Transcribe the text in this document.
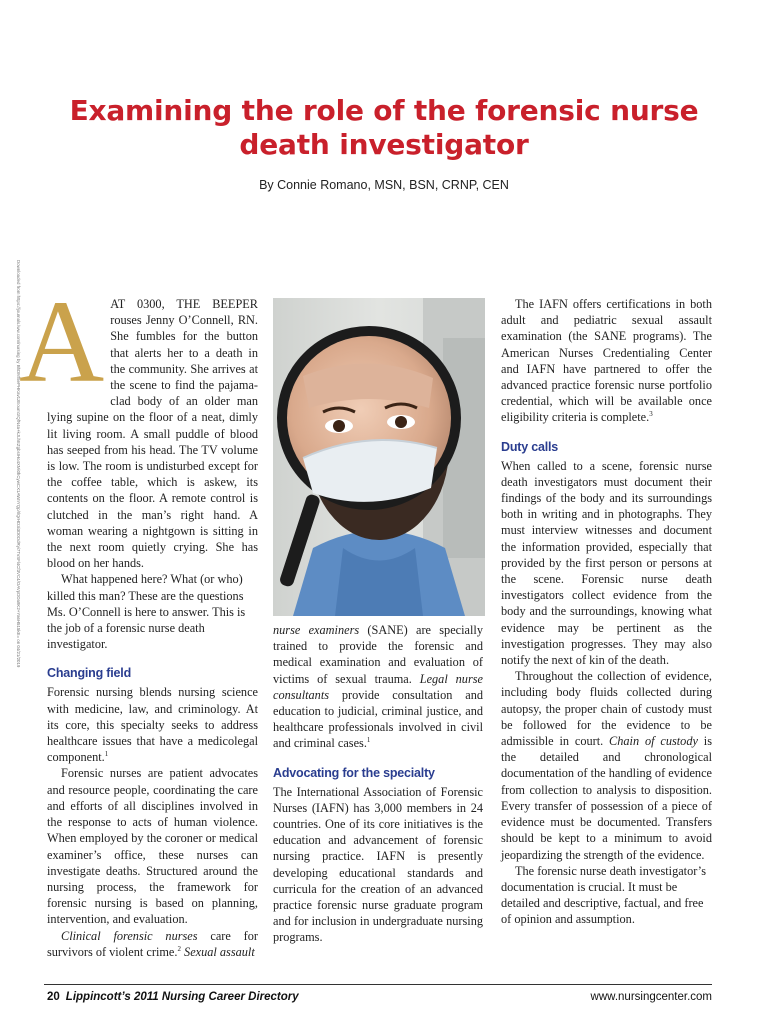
Examining the role of the forensic nurse death investigator
By Connie Romano, MSN, BSN, CRNP, CEN
Downloaded from https://journals.lww.com/nursing by BhDMf5ePHKav1zEoum1tQfN4a+kJLhEZgbsIHo4XMi0hCywCX1AWnYQp/IlQrHD3i3D0OdRyi7TvSFl4Cf3VC4/OAVpDDa8K2+Ya6H515kE= on 04/21/2019
A AT 0300, THE BEEPER rouses Jenny O’Connell, RN. She fumbles for the button that alerts her to a death in the community. She arrives at the scene to find the pajama-clad body of an older man lying supine on the floor of a neat, dimly lit living room. A small puddle of blood has seeped from his head. The TV volume is low. The room is undisturbed except for the coffee table, which is askew, its contents on the floor. A remote control is clutched in the man’s right hand. A woman wearing a nightgown is sitting in the next room quietly crying. She has blood on her hands.

What happened here? What (or who) killed this man? These are the questions Ms. O’Connell is here to answer. This is the job of a forensic nurse death investigator.

Changing field

Forensic nursing blends nursing science with medicine, law, and criminology. At its core, this specialty seeks to address healthcare issues that have a medicolegal component.$^1$

Forensic nurses are patient advocates and resource people, coordinating the care and efforts of all disciplines involved in the response to acts of human violence. When employed by the coroner or medical examiner’s office, these nurses can investigate deaths. Structured around the nursing process, the framework for forensic nursing is based on planning, intervention, and evaluation.

Clinical forensic nurses care for survivors of violent crime.$^2$ Sexual assault

nurse examiners (SANE) are specially trained to provide the forensic and medical examination and evaluation of victims of sexual trauma. Legal nurse consultants provide consultation and education to judicial, criminal justice, and healthcare professionals involved in civil and criminal cases.$^1$

Advocating for the specialty

The International Association of Forensic Nurses (IAFN) has 3,000 members in 24 countries. One of its core initiatives is the education and advancement of forensic nursing practice. IAFN is presently developing educational standards and curricula for the creation of an advanced practice forensic nurse graduate program and for inclusion in undergraduate nursing programs.

The IAFN offers certifications in both adult and pediatric sexual assault examination (the SANE programs). The American Nurses Credentialing Center and IAFN have partnered to offer the advanced practice forensic nurse portfolio credential, which will be available once eligibility criteria is complete.$^3$

Duty calls

When called to a scene, forensic nurse death investigators must document their findings of the body and its surroundings both in writing and in photographs. They must interview witnesses and document the information provided, especially that provided by the first person or persons at the scene. Forensic nurse death investigators collect evidence from the body and the surroundings, knowing what evidence may be pertinent as the investigation progresses. They may also notify the next of kin of the death.

Throughout the collection of evidence, including body fluids collected during autopsy, the proper chain of custody must be followed for the evidence to be admissible in court. Chain of custody is the detailed and chronological documentation of the handling of evidence from collection to analysis to disposition. Every transfer of possession of a piece of evidence must be documented. Transfers should be kept to a minimum to avoid jeopardizing the strength of the evidence.

The forensic nurse death investigator’s documentation is crucial. It must be detailed and descriptive, factual, and free of opinion and assumption.

20 Lippincott’s 2011 Nursing Career Directory	www.nursingcenter.com
